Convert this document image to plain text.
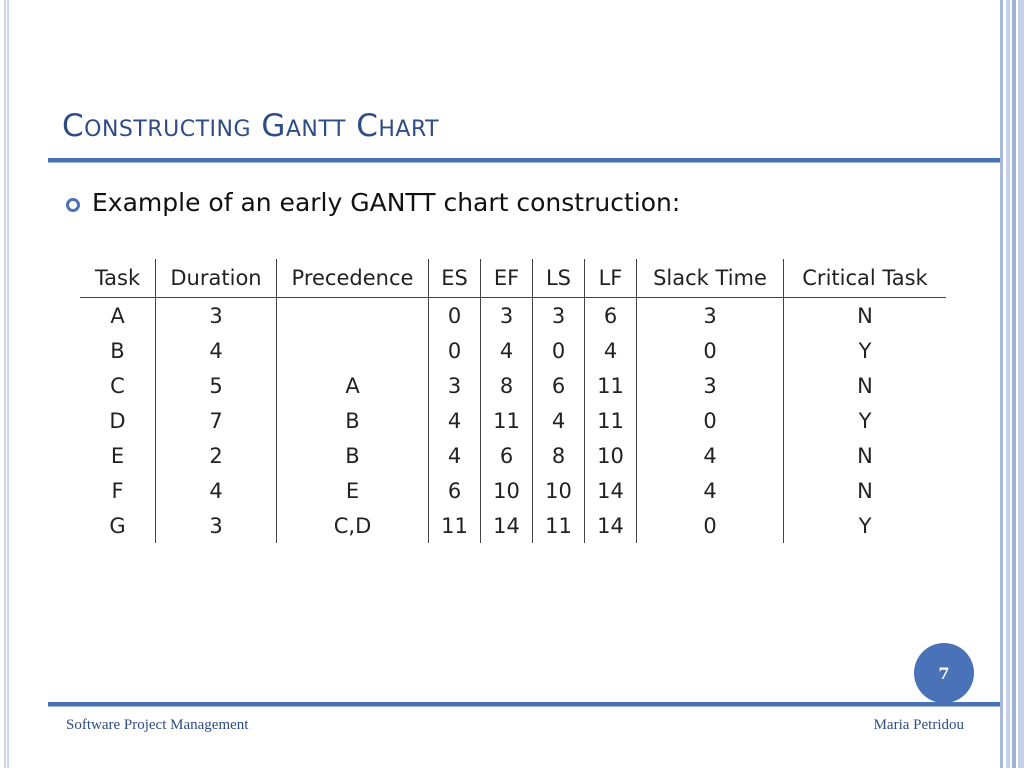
Constructing Gantt Chart
Example of an early GANTT chart construction:
Task	Duration	Precedence	ES	EF	LS	LF	Slack Time	Critical Task
A	3		0	3	3	6	3	N
B	4		0	4	0	4	0	Y
C	5	A	3	8	6	11	3	N
D	7	B	4	11	4	11	0	Y
E	2	B	4	6	8	10	4	N
F	4	E	6	10	10	14	4	N
G	3	C,D	11	14	11	14	0	Y
7
Software Project Management	Maria Petridou
